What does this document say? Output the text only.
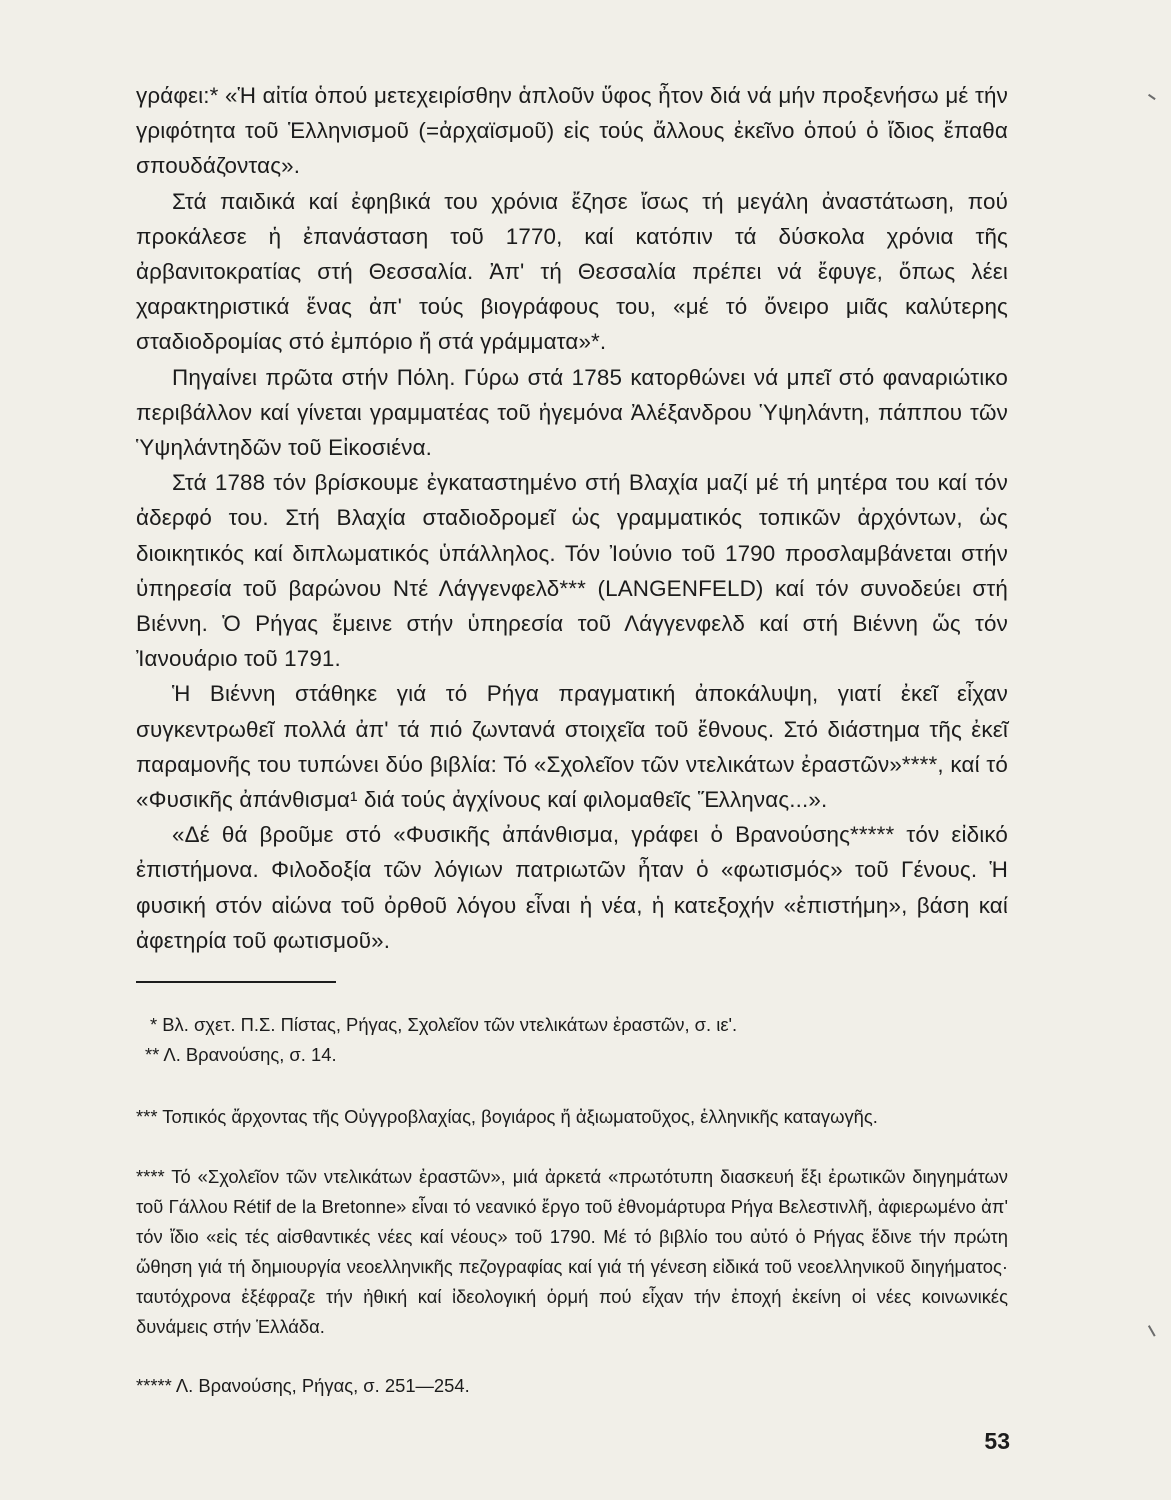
γράφει:* «Ἡ αἰτία ὁπού μετεχειρίσθην ἁπλοῦν ὕφος ἦτον διά νά μήν προξενήσω μέ τήν γριφότητα τοῦ Ἑλληνισμοῦ (=ἀρχαϊσμοῦ) εἰς τούς ἄλλους ἐκεῖνο ὁπού ὁ ἴδιος ἔπαθα σπουδάζοντας».

Στά παιδικά καί ἐφηβικά του χρόνια ἔζησε ἴσως τή μεγάλη ἀναστάτωση, πού προκάλεσε ἡ ἐπανάσταση τοῦ 1770, καί κατόπιν τά δύσκολα χρόνια τῆς ἀρβανιτοκρατίας στή Θεσσαλία. Ἀπ' τή Θεσσαλία πρέπει νά ἔφυγε, ὅπως λέει χαρακτηριστικά ἕνας ἀπ' τούς βιογράφους του, «μέ τό ὄνειρο μιᾶς καλύτερης σταδιοδρομίας στό ἐμπόριο ἤ στά γράμματα»*.

Πηγαίνει πρῶτα στήν Πόλη. Γύρω στά 1785 κατορθώνει νά μπεῖ στό φαναριώτικο περιβάλλον καί γίνεται γραμματέας τοῦ ἡγεμόνα Ἀλέξανδρου Ὑψηλάντη, πάππου τῶν Ὑψηλάντηδῶν τοῦ Εἰκοσιένα.

Στά 1788 τόν βρίσκουμε ἐγκαταστημένο στή Βλαχία μαζί μέ τή μητέρα του καί τόν ἀδερφό του. Στή Βλαχία σταδιοδρομεῖ ὡς γραμματικός τοπικῶν ἀρχόντων, ὡς διοικητικός καί διπλωματικός ὑπάλληλος. Τόν Ἰούνιο τοῦ 1790 προσλαμβάνεται στήν ὑπηρεσία τοῦ βαρώνου Ντέ Λάγγενφελδ*** (LANGENFELD) καί τόν συνοδεύει στή Βιέννη. Ὁ Ρήγας ἔμεινε στήν ὑπηρεσία τοῦ Λάγγενφελδ καί στή Βιέννη ὥς τόν Ἰανουάριο τοῦ 1791.

Ἡ Βιέννη στάθηκε γιά τό Ρήγα πραγματική ἀποκάλυψη, γιατί ἐκεῖ εἶχαν συγκεντρωθεῖ πολλά ἀπ' τά πιό ζωντανά στοιχεῖα τοῦ ἔθνους. Στό διάστημα τῆς ἐκεῖ παραμονῆς του τυπώνει δύο βιβλία: Τό «Σχολεῖον τῶν ντελικάτων ἐραστῶν»****, καί τό «Φυσικῆς ἀπάνθισμα¹ διά τούς ἀγχίνους καί φιλομαθεῖς Ἕλληνας...».

«Δέ θά βροῦμε στό «Φυσικῆς ἀπάνθισμα, γράφει ὁ Βρανούσης***** τόν εἰδικό ἐπιστήμονα. Φιλοδοξία τῶν λόγιων πατριωτῶν ἦταν ὁ «φωτισμός» τοῦ Γένους. Ἡ φυσική στόν αἰώνα τοῦ ὀρθοῦ λόγου εἶναι ἡ νέα, ἡ κατεξοχήν «ἐπιστήμη», βάση καί ἀφετηρία τοῦ φωτισμοῦ».

* Βλ. σχετ. Π.Σ. Πίστας, Ρήγας, Σχολεῖον τῶν ντελικάτων ἐραστῶν, σ. ιε'.

** Λ. Βρανούσης, σ. 14.

*** Τοπικός ἄρχοντας τῆς Οὐγγροβλαχίας, βογιάρος ἤ ἀξιωματοῦχος, ἑλληνικῆς καταγωγῆς.

**** Τό «Σχολεῖον τῶν ντελικάτων ἐραστῶν», μιά ἀρκετά «πρωτότυπη διασκευή ἕξι ἐρωτικῶν διηγημάτων τοῦ Γάλλου Rétif de la Bretonne» εἶναι τό νεανικό ἔργο τοῦ ἐθνομάρτυρα Ρήγα Βελεστινλῆ, ἀφιερωμένο ἀπ' τόν ἴδιο «εἰς τές αἰσθαντικές νέες καί νέους» τοῦ 1790. Μέ τό βιβλίο του αὐτό ὁ Ρήγας ἔδινε τήν πρώτη ὤθηση γιά τή δημιουργία νεοελληνικῆς πεζογραφίας καί γιά τή γένεση εἰδικά τοῦ νεοελληνικοῦ διηγήματος· ταυτόχρονα ἐξέφραζε τήν ἠθική καί ἰδεολογική ὁρμή πού εἶχαν τήν ἐποχή ἐκείνη οἱ νέες κοινωνικές δυνάμεις στήν Ἑλλάδα.

***** Λ. Βρανούσης, Ρήγας, σ. 251—254.

53
